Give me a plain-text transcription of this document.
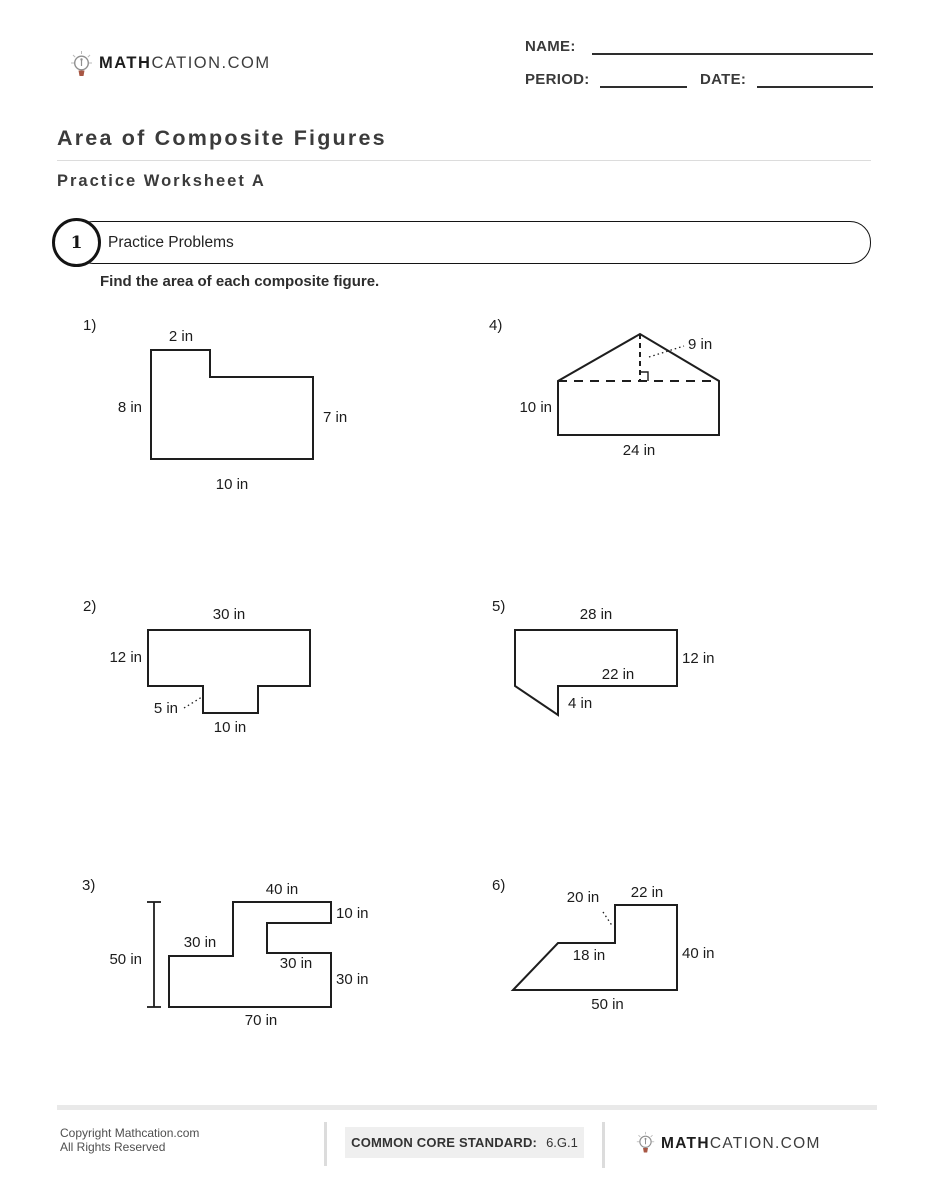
MATHCATION.COM
NAME:
PERIOD:	DATE:
Area of Composite Figures
Practice Worksheet A
1 Practice Problems
Find the area of each composite figure.
1)
2 in
8 in
7 in
10 in
4)
9 in
10 in
24 in
2)	30 in
12 in
5 in
10 in
5)	28 in
12 in
22 in
4 in
3)	40 in
10 in
30 in
30 in
30 in
50 in
70 in
6)
20 in	22 in
18 in	40 in
50 in
Copyright Mathcation.com
All Rights Reserved	COMMON CORE STANDARD: 6.G.1	MATHCATION.COM
